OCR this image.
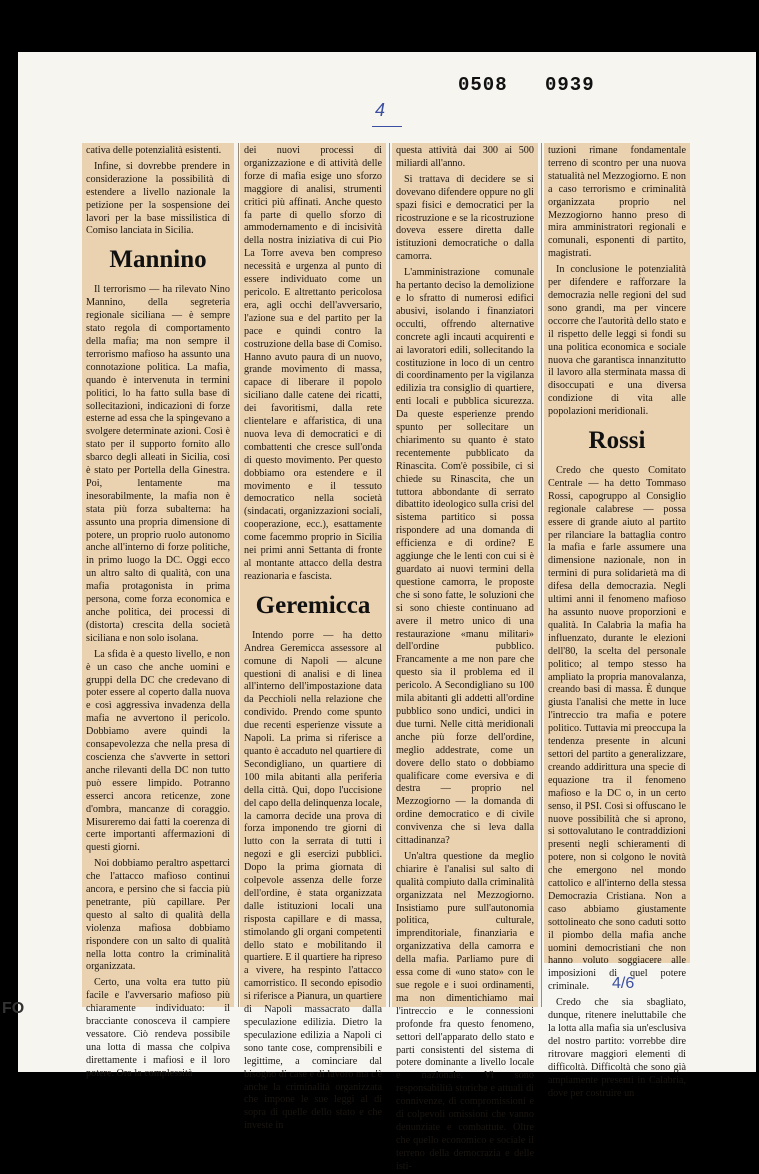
FO
0508 0939
4

cativa delle potenzialità esistenti.

Infine, si dovrebbe prendere in considerazione la possibilità di estendere a livello nazionale la petizione per la sospensione dei lavori per la base missilistica di Comiso lanciata in Sicilia.

Mannino

Il terrorismo — ha rilevato Nino Mannino, della segreteria regionale siciliana — è sempre stato regola di comportamento della mafia; ma non sempre il terrorismo mafioso ha assunto una connotazione politica. La mafia, quando è intervenuta in termini politici, lo ha fatto sulla base di sollecitazioni, indicazioni di forze esterne ad essa che la spingevano a svolgere determinate azioni. Così è stato per il supporto fornito allo sbarco degli alleati in Sicilia, così è stato per Portella della Ginestra. Poi, lentamente ma inesorabilmente, la mafia non è stata più forza subalterna: ha assunto una propria dimensione di potere, un proprio ruolo autonomo anche all'interno di forze politiche, in primo luogo la DC. Oggi ecco un altro salto di qualità, con una mafia protagonista in prima persona, come forza economica e anche politica, dei processi di (distorta) crescita della società siciliana e non solo isolana.

La sfida è a questo livello, e non è un caso che anche uomini e gruppi della DC che credevano di poter essere al coperto dalla nuova e così aggressiva invadenza della mafia ne avvertono il pericolo. Dobbiamo avere quindi la consapevolezza che nella presa di coscienza che s'avverte in settori anche rilevanti della DC non tutto può essere limpido. Potranno esserci ancora reticenze, zone d'ombra, mancanze di coraggio. Misureremo dai fatti la coerenza di certe importanti affermazioni di questi giorni.

Noi dobbiamo peraltro aspettarci che l'attacco mafioso continui ancora, e persino che si faccia più penetrante, più capillare. Per questo al salto di qualità della violenza mafiosa dobbiamo rispondere con un salto di qualità nella lotta contro la criminalità organizzata.

Certo, una volta era tutto più facile e l'avversario mafioso più chiaramente individuato: il bracciante conosceva il campiere vessatore. Ciò rendeva possibile una lotta di massa che colpiva direttamente i mafiosi e il loro potere. Ora la complessità

dei nuovi processi di organizzazione e di attività delle forze di mafia esige uno sforzo maggiore di analisi, strumenti critici più affinati. Anche questo fa parte di quello sforzo di ammodernamento e di incisività della nostra iniziativa di cui Pio La Torre aveva ben compreso necessità e urgenza al punto di essere individuato come un pericolo. E altrettanto pericolosa era, agli occhi dell'avversario, l'azione sua e del partito per la pace e quindi contro la costruzione della base di Comiso. Hanno avuto paura di un nuovo, grande movimento di massa, capace di liberare il popolo siciliano dalle catene dei ricatti, dei favoritismi, dalla rete clientelare e affaristica, di una nuova leva di democratici e di combattenti che cresce sull'onda di questo movimento. Per questo dobbiamo ora estendere e il movimento e il tessuto democratico nella società (sindacati, organizzazioni sociali, cooperazione, ecc.), esattamente come facemmo proprio in Sicilia nei primi anni Settanta di fronte al montante attacco della destra reazionaria e fascista.

Geremicca

Intendo porre — ha detto Andrea Geremicca assessore al comune di Napoli — alcune questioni di analisi e di linea all'interno dell'impostazione data da Pecchioli nella relazione che condivido. Prendo come spunto due recenti esperienze vissute a Napoli. La prima si riferisce a quanto è accaduto nel quartiere di Secondigliano, un quartiere di 100 mila abitanti alla periferia della città. Qui, dopo l'uccisione del capo della delinquenza locale, la camorra decide una prova di forza imponendo tre giorni di lutto con la serrata di tutti i negozi e gli esercizi pubblici. Dopo la prima giornata di colpevole assenza delle forze dell'ordine, è stata organizzata dalle istituzioni locali una risposta capillare e di massa, stimolando gli organi competenti dello stato e mobilitando il quartiere. E il quartiere ha ripreso a vivere, ha respinto l'attacco camorristico. Il secondo episodio si riferisce a Pianura, un quartiere di Napoli massacrato dalla speculazione edilizia. Dietro la speculazione edilizia a Napoli ci sono tante cose, comprensibili e legittime, a cominciare dal bisogno di case e di lavoro ma c'è anche la criminalità organizzata che impone le sue leggi al di sopra di quelle dello stato e che investe in

questa attività dai 300 ai 500 miliardi all'anno.

Si trattava di decidere se si dovevano difendere oppure no gli spazi fisici e democratici per la ricostruzione e se la ricostruzione doveva essere diretta dalle istituzioni democratiche o dalla camorra.

L'amministrazione comunale ha pertanto deciso la demolizione e lo sfratto di numerosi edifici abusivi, isolando i finanziatori occulti, offrendo alternative concrete agli incauti acquirenti e ai lavoratori edili, sollecitando la costituzione in loco di un centro di coordinamento per la vigilanza edilizia tra consiglio di quartiere, enti locali e pubblica sicurezza. Da queste esperienze prendo spunto per sollecitare un chiarimento su quanto è stato recentemente pubblicato da Rinascita. Com'è possibile, ci si chiede su Rinascita, che un tuttora abbondante di serrato dibattito ideologico sulla crisi del sistema partitico si possa rispondere ad una domanda di efficienza e di ordine? E aggiunge che le lenti con cui si è guardato ai nuovi termini della questione camorra, le proposte che si sono fatte, le soluzioni che si sono chieste continuano ad avere il metro unico di una restaurazione «manu militari» dell'ordine pubblico. Francamente a me non pare che questo sia il problema ed il pericolo. A Secondigliano su 100 mila abitanti gli addetti all'ordine pubblico sono undici, undici in due turni. Nelle città meridionali anche più forze dell'ordine, meglio addestrate, come un dovere dello stato o dobbiamo qualificare come eversiva e di destra — proprio nel Mezzogiorno — la domanda di ordine democratico e di civile convivenza che si leva dalla cittadinanza?

Un'altra questione da meglio chiarire è l'analisi sul salto di qualità compiuto dalla criminalità organizzata nel Mezzogiorno. Insistiamo pure sull'autonomia politica, culturale, imprenditoriale, finanziaria e organizzativa della camorra e della mafia. Parliamo pure di essa come di «uno stato» con le sue regole e i suoi ordinamenti, ma non dimentichiamo mai l'intreccio e le connessioni profonde fra questo fenomeno, settori dell'apparato dello stato e parti consistenti del sistema di potere dominante a livello locale e nazionale. Vi sono responsabilità storiche e attuali di connivenze, di compromissioni e di colpevoli omissioni che vanno denunziate e combattute. Oltre che quello economico e sociale il terreno della democrazia e delle isti-

tuzioni rimane fondamentale terreno di scontro per una nuova statualità nel Mezzogiorno. E non a caso terrorismo e criminalità organizzata proprio nel Mezzogiorno hanno preso di mira amministratori regionali e comunali, esponenti di partito, magistrati.

In conclusione le potenzialità per difendere e rafforzare la democrazia nelle regioni del sud sono grandi, ma per vincere occorre che l'autorità dello stato e il rispetto delle leggi si fondi su una politica economica e sociale nuova che garantisca innanzitutto il lavoro alla sterminata massa di disoccupati e una diversa condizione di vita alle popolazioni meridionali.

Rossi

Credo che questo Comitato Centrale — ha detto Tommaso Rossi, capogruppo al Consiglio regionale calabrese — possa essere di grande aiuto al partito per rilanciare la battaglia contro la mafia e farle assumere una dimensione nazionale, non in termini di pura solidarietà ma di difesa della democrazia. Negli ultimi anni il fenomeno mafioso ha assunto nuove proporzioni e qualità. In Calabria la mafia ha influenzato, durante le elezioni dell'80, la scelta del personale politico; al tempo stesso ha ampliato la propria manovalanza, creando basi di massa. È dunque giusta l'analisi che mette in luce l'intreccio tra mafia e potere politico. Tuttavia mi preoccupa la tendenza presente in alcuni settori del partito a generalizzare, creando addirittura una specie di equazione tra il fenomeno mafioso e la DC o, in un certo senso, il PSI. Così si offuscano le nuove possibilità che si aprono, si sottovalutano le contraddizioni presenti negli schieramenti di potere, non si colgono le novità che emergono nel mondo cattolico e all'interno della stessa Democrazia Cristiana. Non a caso abbiamo giustamente sottolineato che sono caduti sotto il piombo della mafia anche uomini democristiani che non hanno voluto soggiacere alle imposizioni di quel potere criminale.

Credo che sia sbagliato, dunque, ritenere ineluttabile che la lotta alla mafia sia un'esclusiva del nostro partito: vorrebbe dire ritrovare maggiori elementi di difficoltà. Difficoltà che sono già ampiamente presenti in Calabria, dove per costruire un

4/6
